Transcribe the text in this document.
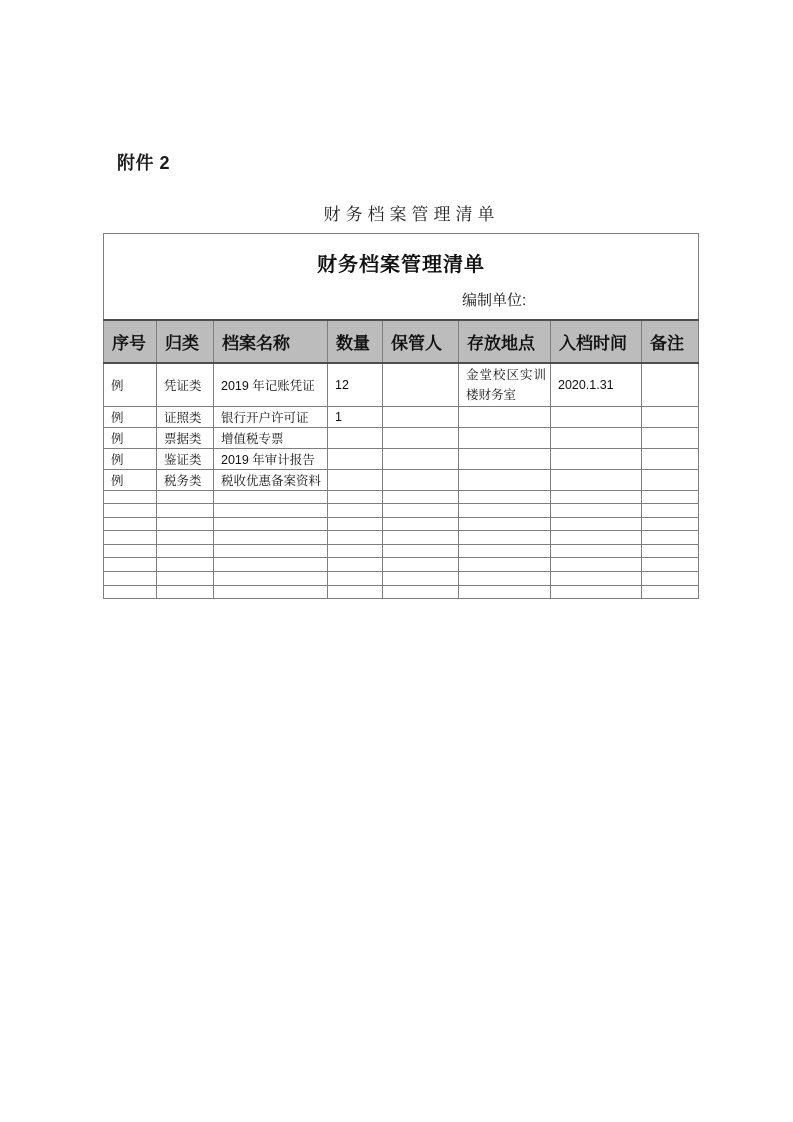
附件 2
财务档案管理清单
财务档案管理清单
编制单位:							

序号	归类	档案名称	数量	保管人	存放地点	入档时间	备注
例	凭证类	2019 年记账凭证	12		金堂校区实训 楼财务室	2020.1.31	
例	证照类	银行开户许可证	1				
例	票据类	增值税专票					
例	鉴证类	2019 年审计报告					
例	税务类	税收优惠备案资料					
